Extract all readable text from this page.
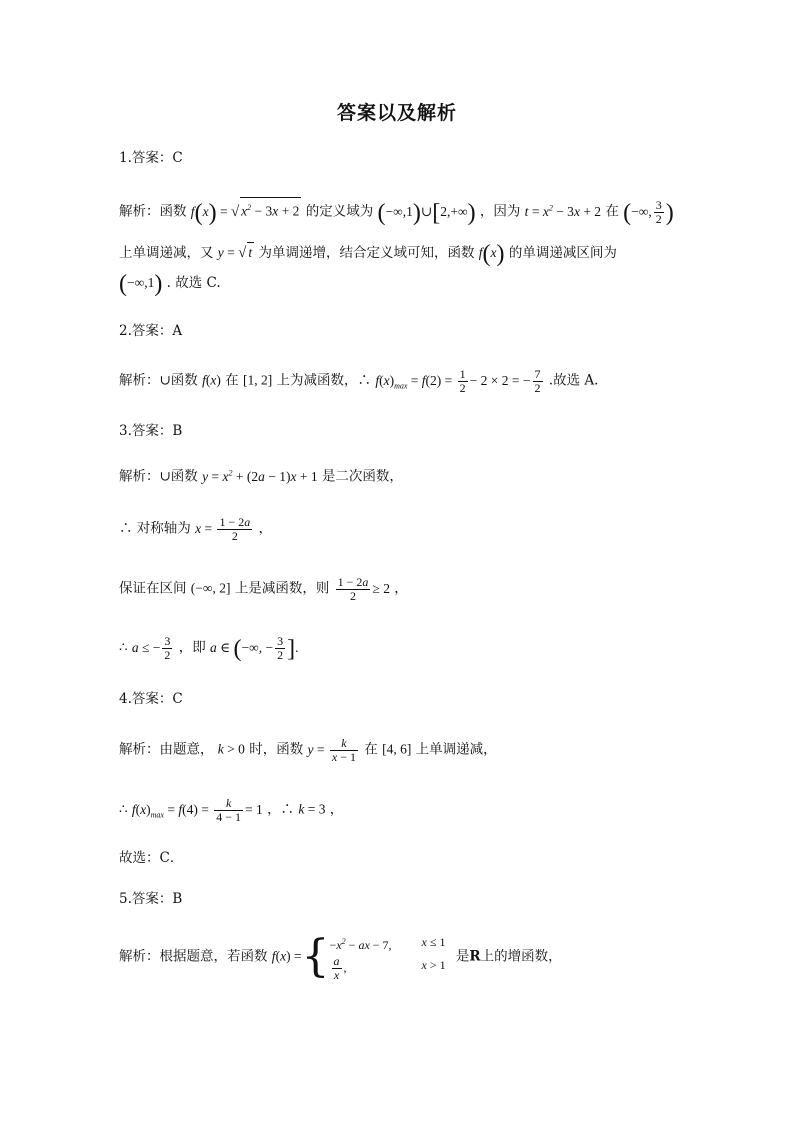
答案以及解析
1.答案：C
解析：函数 f(x) = √ $x^2 - 3x + 2$ 的定义域为 (−∞,1)∪[2,+∞) ，因为 $t = x^2 - 3x + 2$ 在 (−∞, $\frac{3}{2}$ )
上单调递减，又 y = √ t 为单调递增，结合定义域可知，函数 f(x) 的单调递减区间为
(−∞,1) . 故选 C.
2.答案：A
解析：∪函数 f(x) 在 [1, 2] 上为减函数，∴ $f(x)_{max} = f(2) = \frac{1}{2} - 2 \times 2$ = − $\frac{7}{2}$ .故选 A.
3.答案：B
解析：∪函数 $y = x^2 + (2a - 1)x + 1$ 是二次函数，
∴ 对称轴为 $x = \frac{1 - 2a}{2}$ ，
保证在区间 (−∞, 2] 上是减函数，则 $\frac{1 - 2a}{2} \ge 2$ ，
∴ a ≤ − $\frac{3}{2}$ ，即 a ∈ (−∞, − $\frac{3}{2}$ ].
4.答案：C
解析：由题意， k > 0 时，函数 $y = \frac{k}{x - 1}$ 在 [4, 6] 上单调递减，
∴ $f(x)_{max} = f(4) = \frac{k}{4 - 1} = 1$ ，∴ k = 3 ，
故选：C．
5.答案：B
解析：根据题意，若函数 f(x) ={ $-x^2$ − ax − 7,	x ≤ 1
$\frac{a}{x}$ ,	x > 1
是R上的增函数，
